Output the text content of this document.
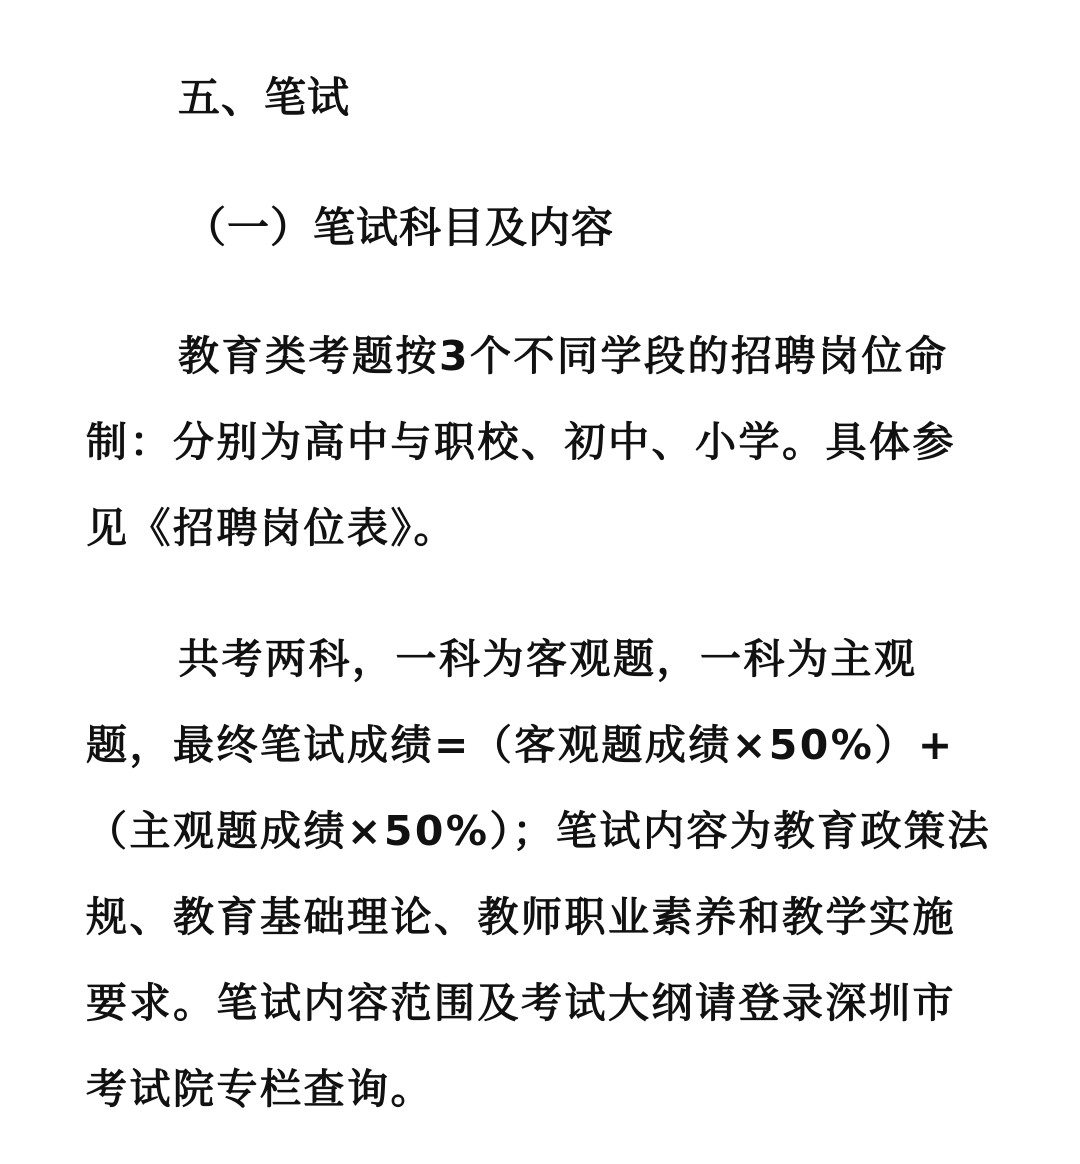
五、笔试
（一）笔试科目及内容

教育类考题按3个不同学段的招聘岗位命制：分别为高中与职校、初中、小学。具体参见《招聘岗位表》。

共考两科，一科为客观题，一科为主观题，最终笔试成绩=（客观题成绩×50%）+（主观题成绩×50%）；笔试内容为教育政策法规、教育基础理论、教师职业素养和教学实施要求。笔试内容范围及考试大纲请登录深圳市考试院专栏查询。
